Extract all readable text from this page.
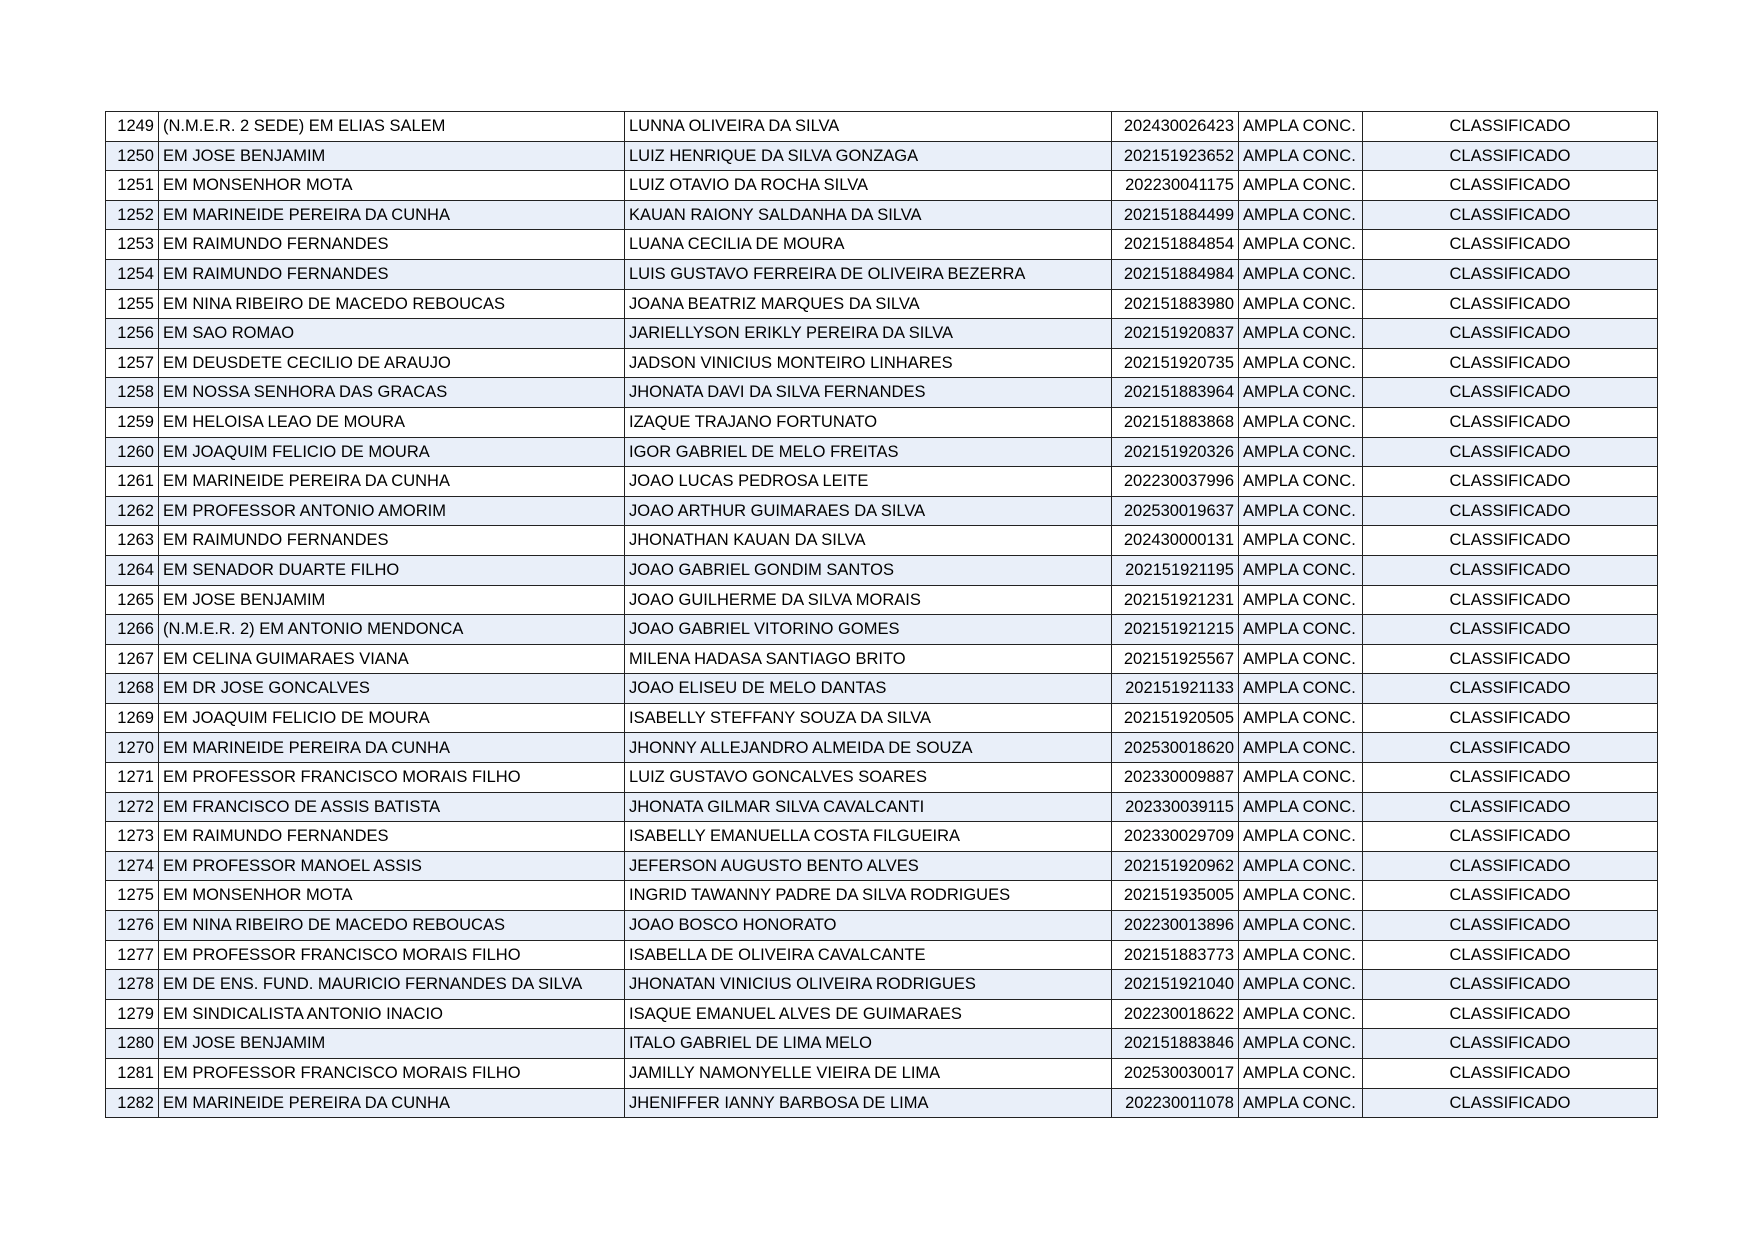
1249	(N.M.E.R. 2 SEDE) EM ELIAS SALEM	LUNNA OLIVEIRA DA SILVA	202430026423	AMPLA CONC.	CLASSIFICADO
1250	EM JOSE BENJAMIM	LUIZ HENRIQUE DA SILVA GONZAGA	202151923652	AMPLA CONC.	CLASSIFICADO
1251	EM MONSENHOR MOTA	LUIZ OTAVIO DA ROCHA SILVA	202230041175	AMPLA CONC.	CLASSIFICADO
1252	EM MARINEIDE PEREIRA DA CUNHA	KAUAN RAIONY SALDANHA DA SILVA	202151884499	AMPLA CONC.	CLASSIFICADO
1253	EM RAIMUNDO FERNANDES	LUANA CECILIA DE MOURA	202151884854	AMPLA CONC.	CLASSIFICADO
1254	EM RAIMUNDO FERNANDES	LUIS GUSTAVO FERREIRA DE OLIVEIRA BEZERRA	202151884984	AMPLA CONC.	CLASSIFICADO
1255	EM NINA RIBEIRO DE MACEDO REBOUCAS	JOANA BEATRIZ MARQUES DA SILVA	202151883980	AMPLA CONC.	CLASSIFICADO
1256	EM SAO ROMAO	JARIELLYSON ERIKLY PEREIRA DA SILVA	202151920837	AMPLA CONC.	CLASSIFICADO
1257	EM DEUSDETE CECILIO DE ARAUJO	JADSON VINICIUS MONTEIRO LINHARES	202151920735	AMPLA CONC.	CLASSIFICADO
1258	EM NOSSA SENHORA DAS GRACAS	JHONATA DAVI DA SILVA FERNANDES	202151883964	AMPLA CONC.	CLASSIFICADO
1259	EM HELOISA LEAO DE MOURA	IZAQUE TRAJANO FORTUNATO	202151883868	AMPLA CONC.	CLASSIFICADO
1260	EM JOAQUIM FELICIO DE MOURA	IGOR GABRIEL DE MELO FREITAS	202151920326	AMPLA CONC.	CLASSIFICADO
1261	EM MARINEIDE PEREIRA DA CUNHA	JOAO LUCAS PEDROSA LEITE	202230037996	AMPLA CONC.	CLASSIFICADO
1262	EM PROFESSOR ANTONIO AMORIM	JOAO ARTHUR GUIMARAES DA SILVA	202530019637	AMPLA CONC.	CLASSIFICADO
1263	EM RAIMUNDO FERNANDES	JHONATHAN KAUAN DA SILVA	202430000131	AMPLA CONC.	CLASSIFICADO
1264	EM SENADOR DUARTE FILHO	JOAO GABRIEL GONDIM SANTOS	202151921195	AMPLA CONC.	CLASSIFICADO
1265	EM JOSE BENJAMIM	JOAO GUILHERME DA SILVA MORAIS	202151921231	AMPLA CONC.	CLASSIFICADO
1266	(N.M.E.R. 2) EM ANTONIO MENDONCA	JOAO GABRIEL VITORINO GOMES	202151921215	AMPLA CONC.	CLASSIFICADO
1267	EM CELINA GUIMARAES VIANA	MILENA HADASA SANTIAGO BRITO	202151925567	AMPLA CONC.	CLASSIFICADO
1268	EM DR JOSE GONCALVES	JOAO ELISEU DE MELO DANTAS	202151921133	AMPLA CONC.	CLASSIFICADO
1269	EM JOAQUIM FELICIO DE MOURA	ISABELLY STEFFANY SOUZA DA SILVA	202151920505	AMPLA CONC.	CLASSIFICADO
1270	EM MARINEIDE PEREIRA DA CUNHA	JHONNY ALLEJANDRO ALMEIDA DE SOUZA	202530018620	AMPLA CONC.	CLASSIFICADO
1271	EM PROFESSOR FRANCISCO MORAIS FILHO	LUIZ GUSTAVO GONCALVES SOARES	202330009887	AMPLA CONC.	CLASSIFICADO
1272	EM FRANCISCO DE ASSIS BATISTA	JHONATA GILMAR SILVA CAVALCANTI	202330039115	AMPLA CONC.	CLASSIFICADO
1273	EM RAIMUNDO FERNANDES	ISABELLY EMANUELLA COSTA FILGUEIRA	202330029709	AMPLA CONC.	CLASSIFICADO
1274	EM PROFESSOR MANOEL ASSIS	JEFERSON AUGUSTO BENTO ALVES	202151920962	AMPLA CONC.	CLASSIFICADO
1275	EM MONSENHOR MOTA	INGRID TAWANNY PADRE DA SILVA RODRIGUES	202151935005	AMPLA CONC.	CLASSIFICADO
1276	EM NINA RIBEIRO DE MACEDO REBOUCAS	JOAO BOSCO HONORATO	202230013896	AMPLA CONC.	CLASSIFICADO
1277	EM PROFESSOR FRANCISCO MORAIS FILHO	ISABELLA DE OLIVEIRA CAVALCANTE	202151883773	AMPLA CONC.	CLASSIFICADO
1278	EM DE ENS. FUND. MAURICIO FERNANDES DA SILVA	JHONATAN VINICIUS OLIVEIRA RODRIGUES	202151921040	AMPLA CONC.	CLASSIFICADO
1279	EM SINDICALISTA ANTONIO INACIO	ISAQUE EMANUEL ALVES DE GUIMARAES	202230018622	AMPLA CONC.	CLASSIFICADO
1280	EM JOSE BENJAMIM	ITALO GABRIEL DE LIMA MELO	202151883846	AMPLA CONC.	CLASSIFICADO
1281	EM PROFESSOR FRANCISCO MORAIS FILHO	JAMILLY NAMONYELLE VIEIRA DE LIMA	202530030017	AMPLA CONC.	CLASSIFICADO
1282	EM MARINEIDE PEREIRA DA CUNHA	JHENIFFER IANNY BARBOSA DE LIMA	202230011078	AMPLA CONC.	CLASSIFICADO
